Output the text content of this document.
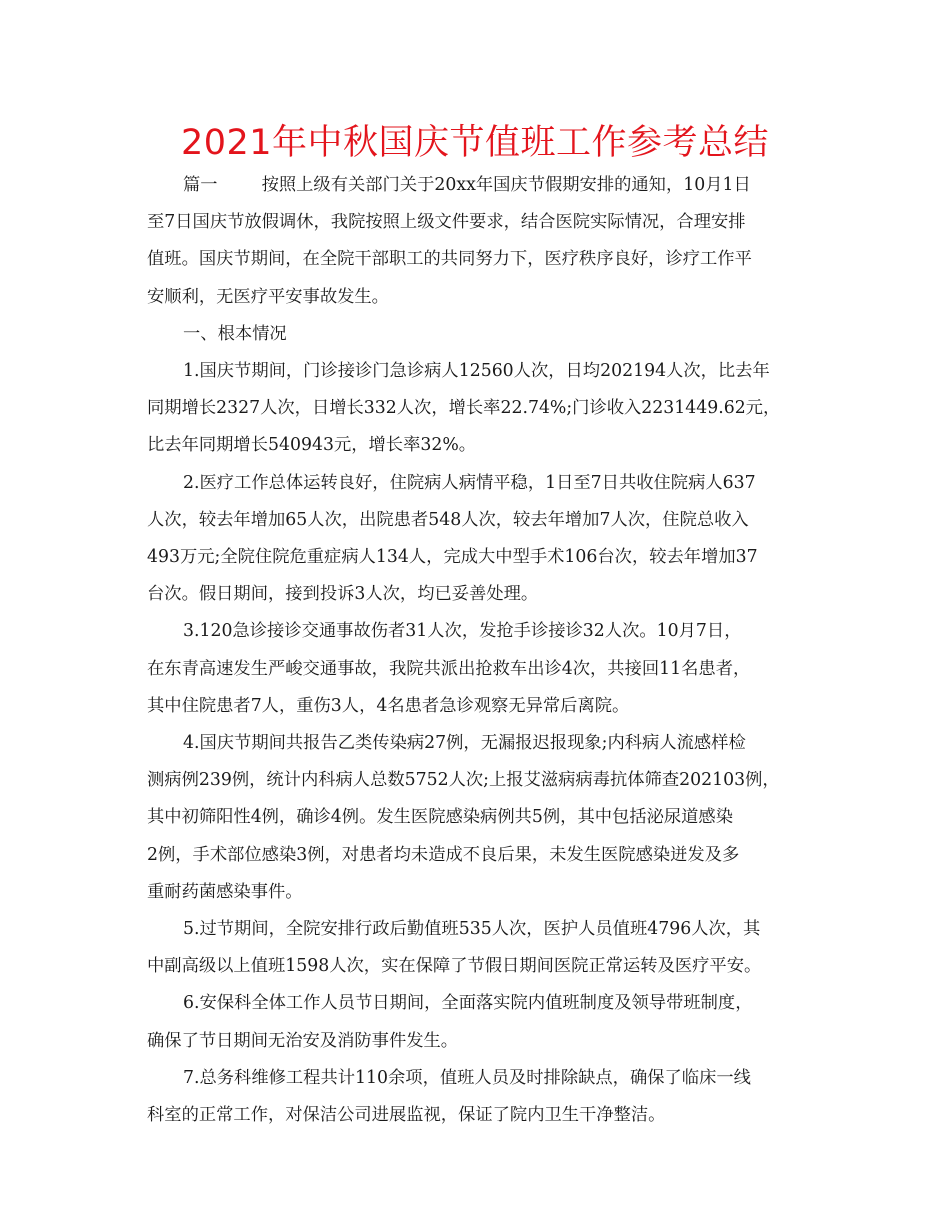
2021年中秋国庆节值班工作参考总结

篇一	按照上级有关部门关于20xx年国庆节假期安排的通知，10月1日

至7日国庆节放假调休，我院按照上级文件要求，结合医院实际情况，合理安排

值班。国庆节期间，在全院干部职工的共同努力下，医疗秩序良好，诊疗工作平

安顺利，无医疗平安事故发生。

一、根本情况

1.国庆节期间，门诊接诊门急诊病人12560人次，日均202194人次，比去年

同期增长2327人次，日增长332人次，增长率22.74%;门诊收入2231449.62元，

比去年同期增长540943元，增长率32%。

2.医疗工作总体运转良好，住院病人病情平稳，1日至7日共收住院病人637

人次，较去年增加65人次，出院患者548人次，较去年增加7人次，住院总收入

493万元;全院住院危重症病人134人，完成大中型手术106台次，较去年增加37

台次。假日期间，接到投诉3人次，均已妥善处理。

3.120急诊接诊交通事故伤者31人次，发抢手诊接诊32人次。10月7日，

在东青高速发生严峻交通事故，我院共派出抢救车出诊4次，共接回11名患者，

其中住院患者7人，重伤3人，4名患者急诊观察无异常后离院。

4.国庆节期间共报告乙类传染病27例，无漏报迟报现象;内科病人流感样检

测病例239例，统计内科病人总数5752人次;上报艾滋病病毒抗体筛查202103例，

其中初筛阳性4例，确诊4例。发生医院感染病例共5例，其中包括泌尿道感染

2例，手术部位感染3例，对患者均未造成不良后果，未发生医院感染迸发及多

重耐药菌感染事件。

5.过节期间，全院安排行政后勤值班535人次，医护人员值班4796人次，其

中副高级以上值班1598人次，实在保障了节假日期间医院正常运转及医疗平安。

6.安保科全体工作人员节日期间，全面落实院内值班制度及领导带班制度，

确保了节日期间无治安及消防事件发生。

7.总务科维修工程共计110余项，值班人员及时排除缺点，确保了临床一线

科室的正常工作，对保洁公司进展监视，保证了院内卫生干净整洁。
